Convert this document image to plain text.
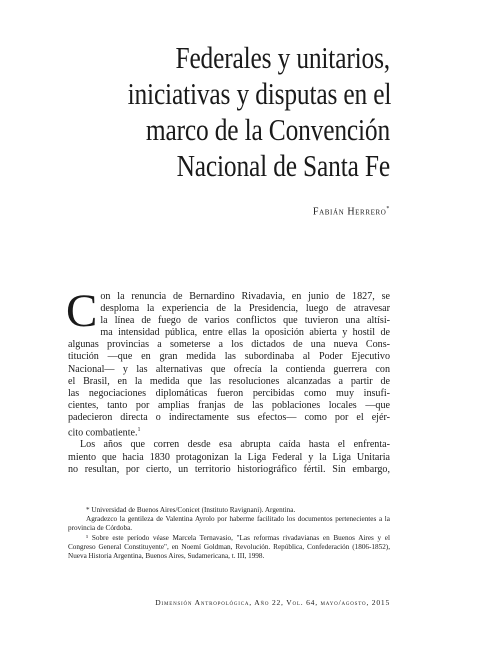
Federales y unitarios,
iniciativas y disputas en el
marco de la Convención
Nacional de Santa Fe
Fabián Herrero*

C on la renuncia de Bernardino Rivadavia, en junio de 1827, se
desploma la experiencia de la Presidencia, luego de atravesar
la línea de fuego de varios conflictos que tuvieron una altísi-
ma intensidad pública, entre ellas la oposición abierta y hostil de
algunas provincias a someterse a los dictados de una nueva Cons-
titución —que en gran medida las subordinaba al Poder Ejecutivo
Nacional— y las alternativas que ofrecía la contienda guerrera con
el Brasil, en la medida que las resoluciones alcanzadas a partir de
las negociaciones diplomáticas fueron percibidas como muy insufi-
cientes, tanto por amplias franjas de las poblaciones locales —que
padecieron directa o indirectamente sus efectos— como por el ejér-
cito combatiente.$^1$

Los años que corren desde esa abrupta caída hasta el enfrenta-
miento que hacia 1830 protagonizan la Liga Federal y la Liga Unitaria
no resultan, por cierto, un territorio historiográfico fértil. Sin embargo,

* Universidad de Buenos Aires/Conicet (Instituto Ravignani). Argentina.

Agradezco la gentileza de Valentina Ayrolo por haberme facilitado los documentos pertenecientes a la provincia de Córdoba.

¹ Sobre este período véase Marcela Ternavasio, "Las reformas rivadavianas en Buenos Aires y el Congreso General Constituyente", en Noemí Goldman, Revolución. República, Confederación (1806-1852), Nueva Historia Argentina, Buenos Aires, Sudamericana, t. III, 1998.

Dimensión Antropológica, Año 22, Vol. 64, mayo/agosto, 2015
